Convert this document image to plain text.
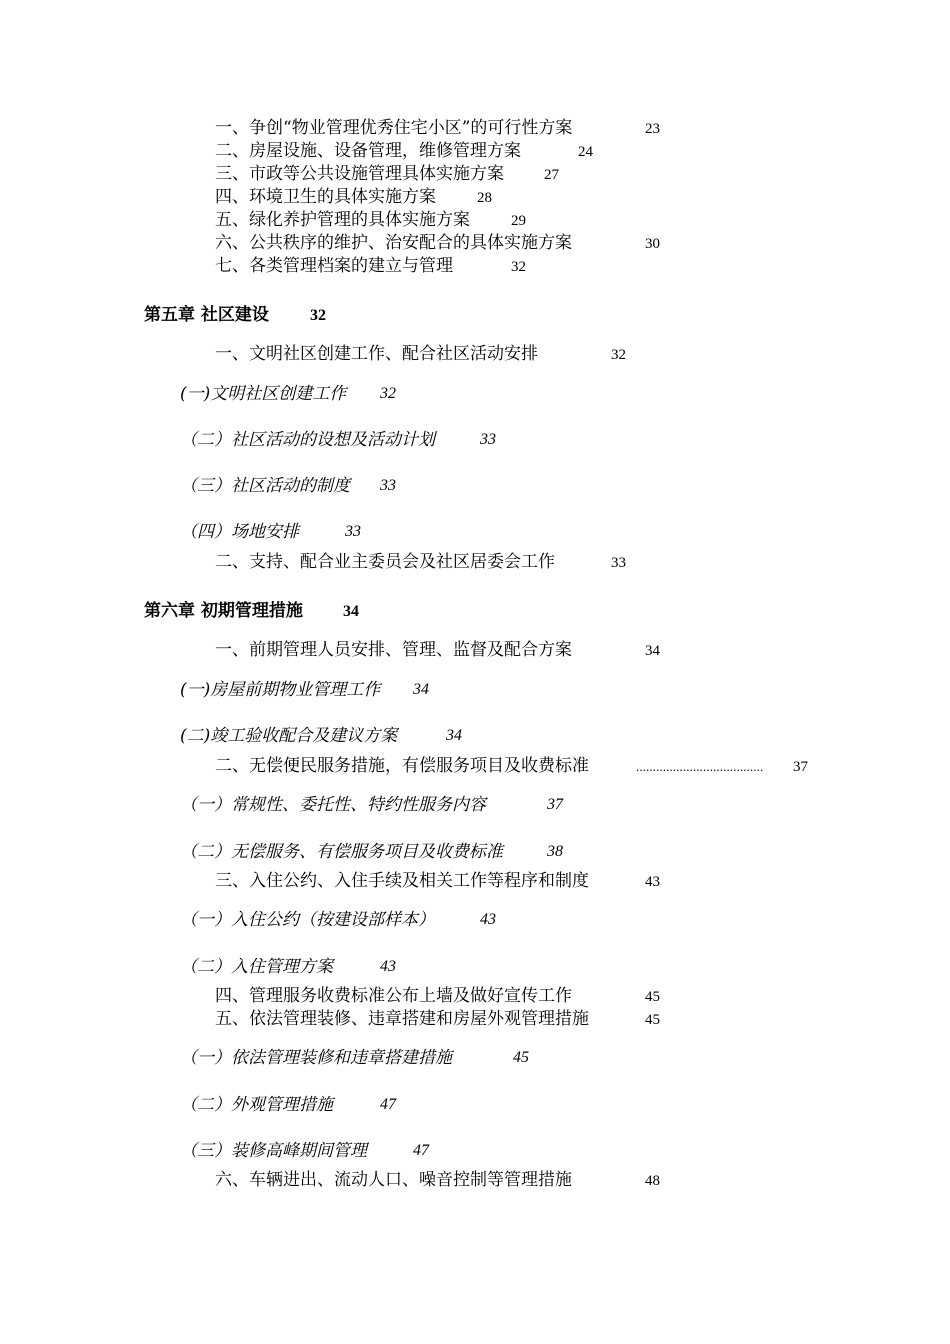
一、争创“物业管理优秀住宅小区”的可行性方案	23
二、房屋设施、设备管理，维修管理方案	24
三、市政等公共设施管理具体实施方案	27
四、环境卫生的具体实施方案	28
五、绿化养护管理的具体实施方案	29
六、公共秩序的维护、治安配合的具体实施方案	30
七、各类管理档案的建立与管理	32
第五章 社区建设	32
一、文明社区创建工作、配合社区活动安排	32
(一)文明社区创建工作 32
（二）社区活动的设想及活动计划	33
（三）社区活动的制度 33
（四）场地安排	33
二、支持、配合业主委员会及社区居委会工作	33
第六章 初期管理措施	34
一、前期管理人员安排、管理、监督及配合方案	34
(一)房屋前期物业管理工作 34
(二)竣工验收配合及建议方案	34
二、无偿便民服务措施，有偿服务项目及收费标准	...................................... 37
（一）常规性、委托性、特约性服务内容	37
（二）无偿服务、有偿服务项目及收费标准	38
三、入住公约、入住手续及相关工作等程序和制度	43
（一）入住公约（按建设部样本）	43
（二）入住管理方案	43
四、管理服务收费标准公布上墙及做好宣传工作	45
五、依法管理装修、违章搭建和房屋外观管理措施	45
（一）依法管理装修和违章搭建措施	45
（二）外观管理措施	47
（三）装修高峰期间管理	47
六、车辆进出、流动人口、噪音控制等管理措施	48
